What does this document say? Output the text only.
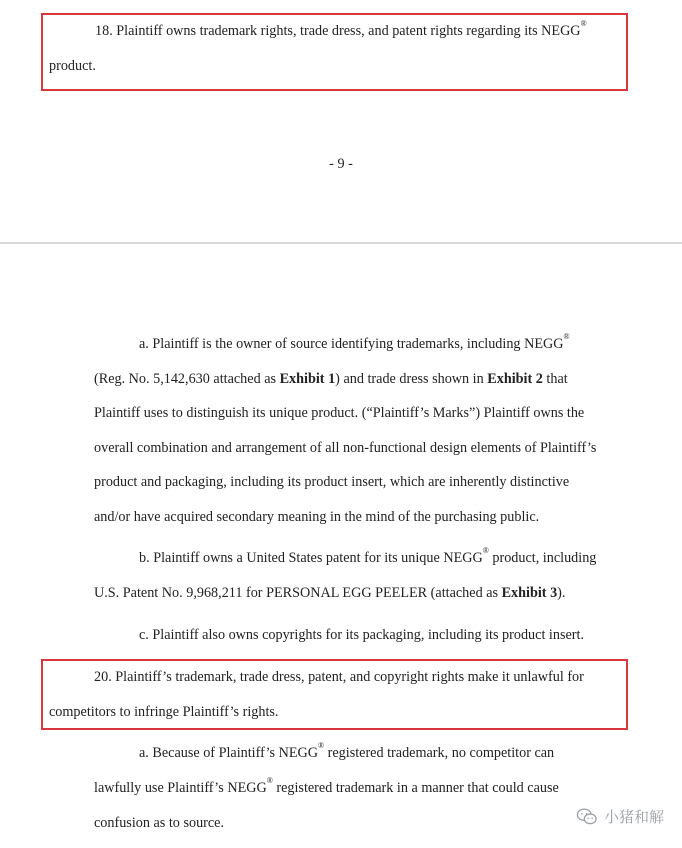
18. Plaintiff owns trademark rights, trade dress, and patent rights regarding its NEGG®
product.
- 9 -
a. Plaintiff is the owner of source identifying trademarks, including NEGG®
(Reg. No. 5,142,630 attached as Exhibit 1) and trade dress shown in Exhibit 2 that
Plaintiff uses to distinguish its unique product. (“Plaintiff’s Marks”) Plaintiff owns the
overall combination and arrangement of all non-functional design elements of Plaintiff’s
product and packaging, including its product insert, which are inherently distinctive
and/or have acquired secondary meaning in the mind of the purchasing public.
b. Plaintiff owns a United States patent for its unique NEGG® product, including
U.S. Patent No. 9,968,211 for PERSONAL EGG PEELER (attached as Exhibit 3).
c. Plaintiff also owns copyrights for its packaging, including its product insert.
20. Plaintiff’s trademark, trade dress, patent, and copyright rights make it unlawful for
competitors to infringe Plaintiff’s rights.
a. Because of Plaintiff’s NEGG® registered trademark, no competitor can
lawfully use Plaintiff’s NEGG® registered trademark in a manner that could cause
confusion as to source.	小猪和解
